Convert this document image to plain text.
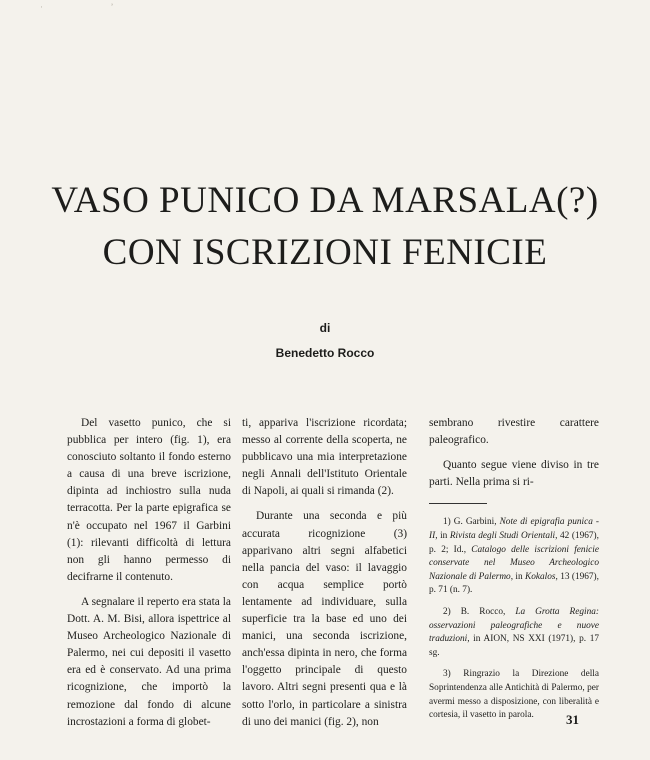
·                              ʼ
VASO PUNICO DA MARSALA(?)
CON ISCRIZIONI FENICIE
di
Benedetto Rocco

Del vasetto punico, che si pubblica per intero (fig. 1), era conosciuto soltanto il fondo esterno a causa di una breve iscrizione, dipinta ad inchiostro sulla nuda terracotta. Per la parte epigrafica se n'è occupato nel 1967 il Garbini (1): rilevanti difficoltà di lettura non gli hanno permesso di decifrarne il contenuto.

A segnalare il reperto era stata la Dott. A. M. Bisi, allora ispettrice al Museo Archeologico Nazionale di Palermo, nei cui depositi il vasetto era ed è conservato. Ad una prima ricognizione, che importò la remozione dal fondo di alcune incrostazioni a forma di globet-

ti, appariva l'iscrizione ricordata; messo al corrente della scoperta, ne pubblicavo una mia interpretazione negli Annali dell'Istituto Orientale di Napoli, ai quali si rimanda (2).

Durante una seconda e più accurata ricognizione (3) apparivano altri segni alfabetici nella pancia del vaso: il lavaggio con acqua semplice portò lentamente ad individuare, sulla superficie tra la base ed uno dei manici, una seconda iscrizione, anch'essa dipinta in nero, che forma l'oggetto principale di questo lavoro. Altri segni presenti qua e là sotto l'orlo, in particolare a sinistra di uno dei manici (fig. 2), non

sembrano rivestire carattere paleografico.

Quanto segue viene diviso in tre parti. Nella prima si ri-

1) G. Garbini, Note di epigrafia punica - II, in Rivista degli Studi Orientali, 42 (1967), p. 2; Id., Catalogo delle iscrizioni fenicie conservate nel Museo Archeologico Nazionale di Palermo, in Kokalos, 13 (1967), p. 71 (n. 7).

2) B. Rocco, La Grotta Regina: osservazioni paleografiche e nuove traduzioni, in AION, NS XXI (1971), p. 17 sg.

3) Ringrazio la Direzione della Soprintendenza alle Antichità di Palermo, per avermi messo a disposizione, con liberalità e cortesia, il vasetto in parola.	31
